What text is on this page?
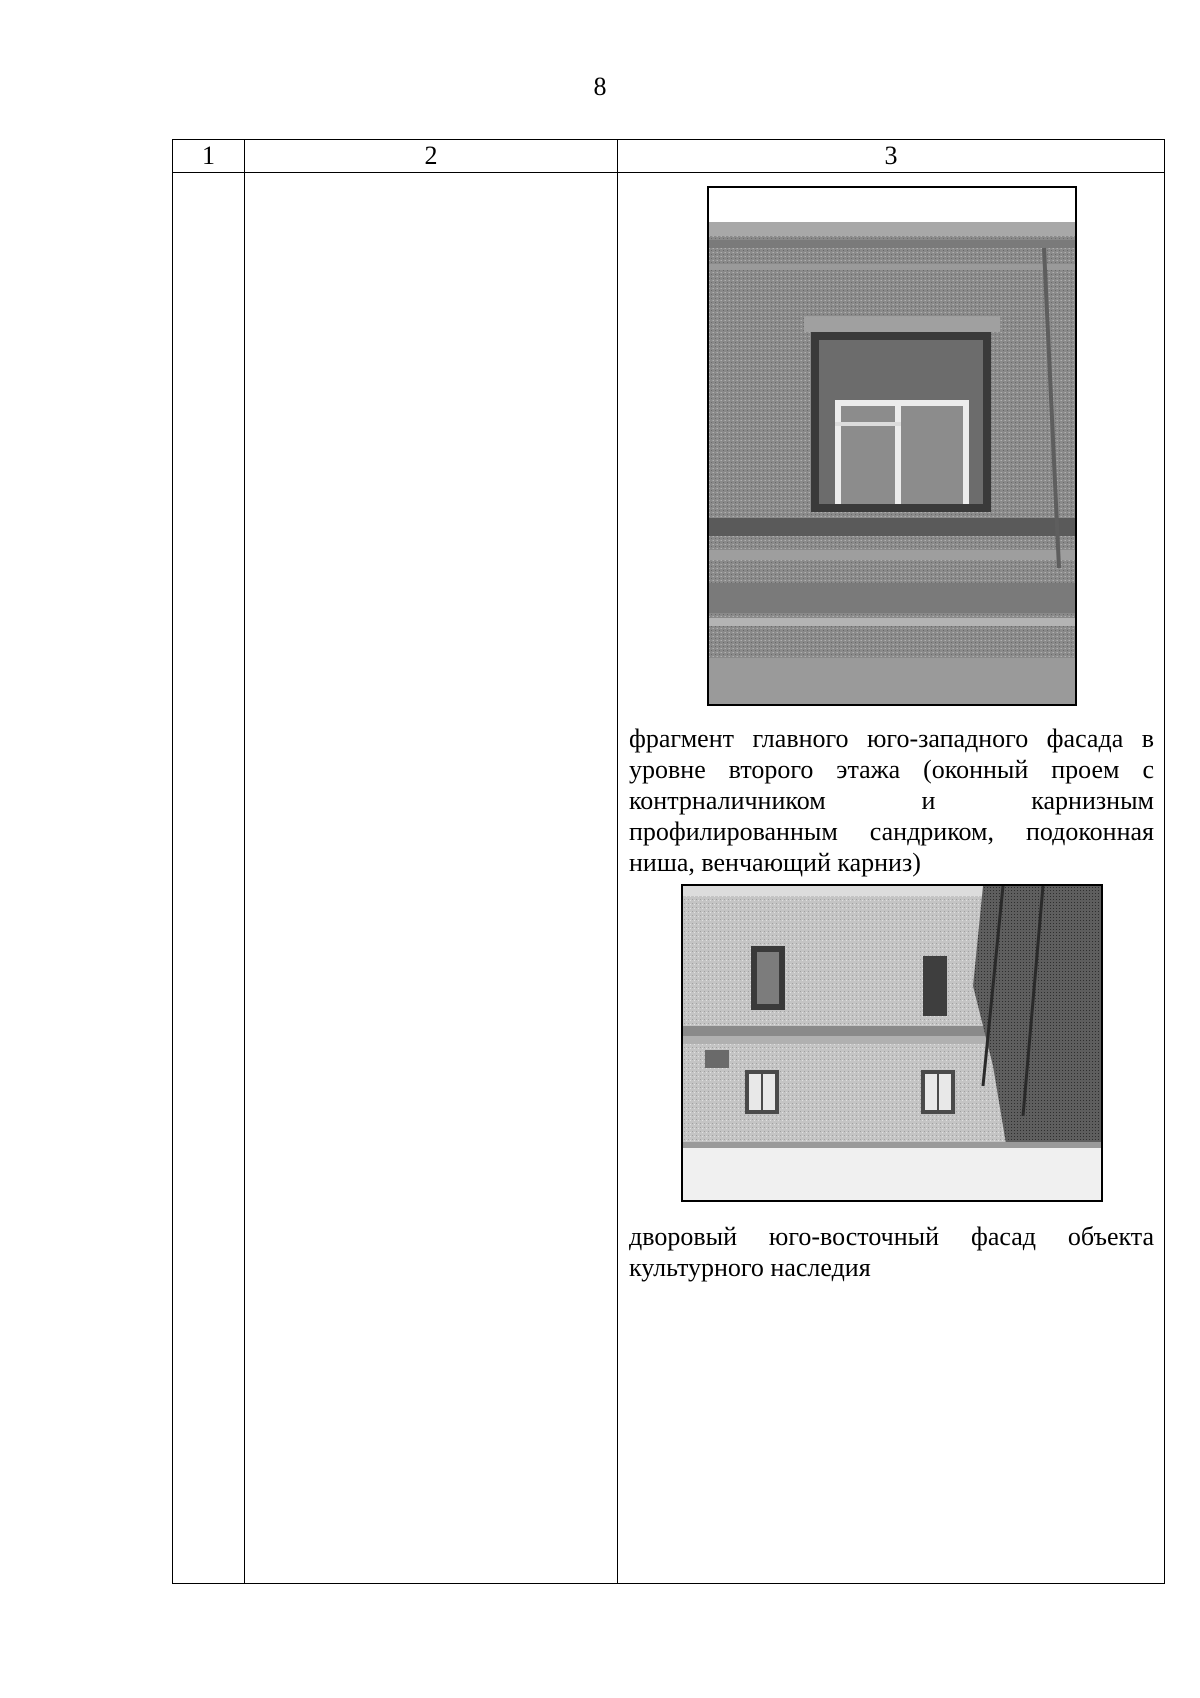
8
1	2	3

		фрагмент главного юго-западного фасада в уровне второго этажа (оконный проем с контрналичником и карнизным профилированным сандриком, подоконная ниша, венчающий карниз)

дворовый юго-восточный фасад объекта культурного наследия
